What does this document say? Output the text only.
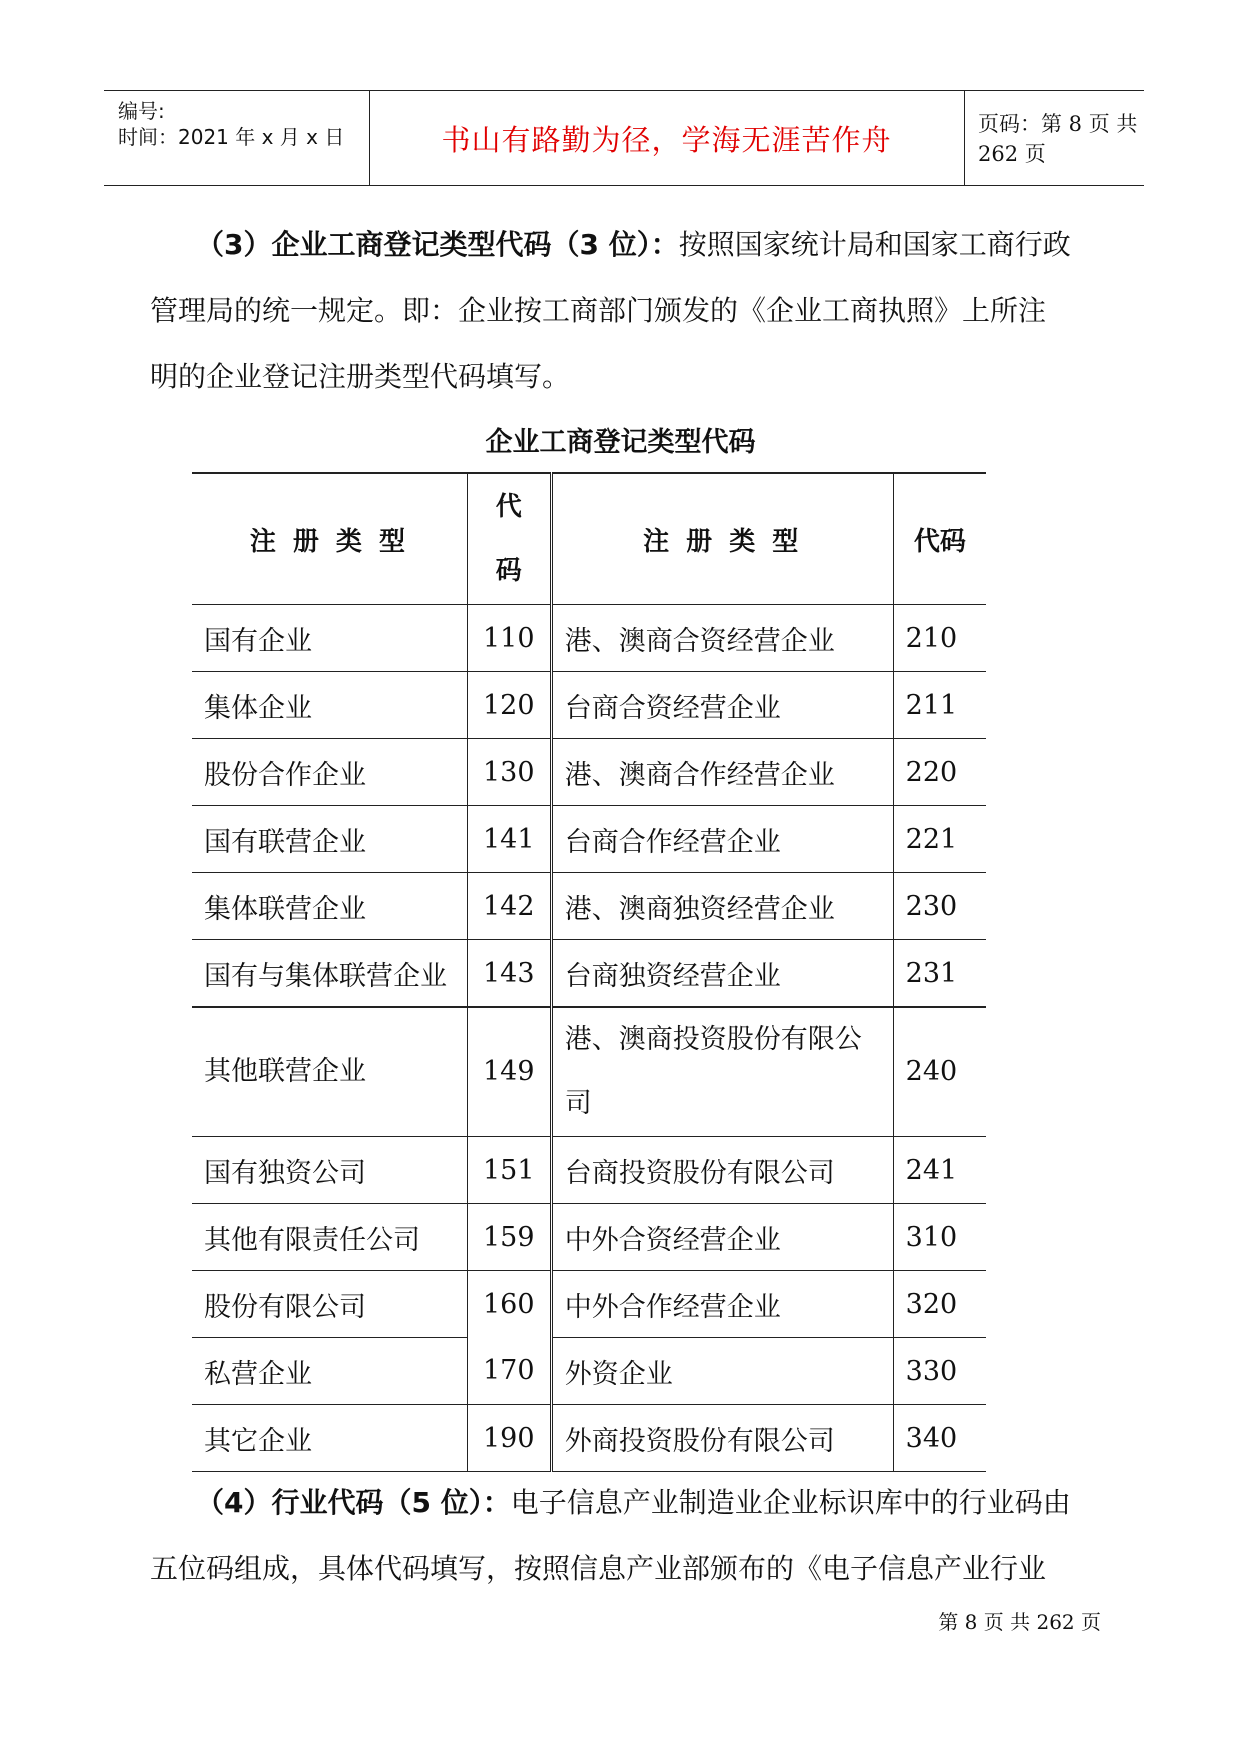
编号:
时间：2021 年 x 月 x 日	书山有路勤为径，学海无涯苦作舟	页码：第 8 页 共 262 页
（3）企业工商登记类型代码（3 位）：按照国家统计局和国家工商行政
管理局的统一规定。即：企业按工商部门颁发的《企业工商执照》上所注
明的企业登记注册类型代码填写。
企业工商登记类型代码
注 册 类 型	代码	注 册 类 型	代码
国有企业	110	港、澳商合资经营企业	210
集体企业	120	台商合资经营企业	211
股份合作企业	130	港、澳商合作经营企业	220
国有联营企业	141	台商合作经营企业	221
集体联营企业	142	港、澳商独资经营企业	230
国有与集体联营企业	143	台商独资经营企业	231
其他联营企业	149	港、澳商投资股份有限公司	240
国有独资公司	151	台商投资股份有限公司	241
其他有限责任公司	159	中外合资经营企业	310
股份有限公司	160	中外合作经营企业	320
私营企业	170	外资企业	330
其它企业	190	外商投资股份有限公司	340
（4）行业代码（5 位）：电子信息产业制造业企业标识库中的行业码由
五位码组成，具体代码填写，按照信息产业部颁布的《电子信息产业行业
第 8 页 共 262 页
